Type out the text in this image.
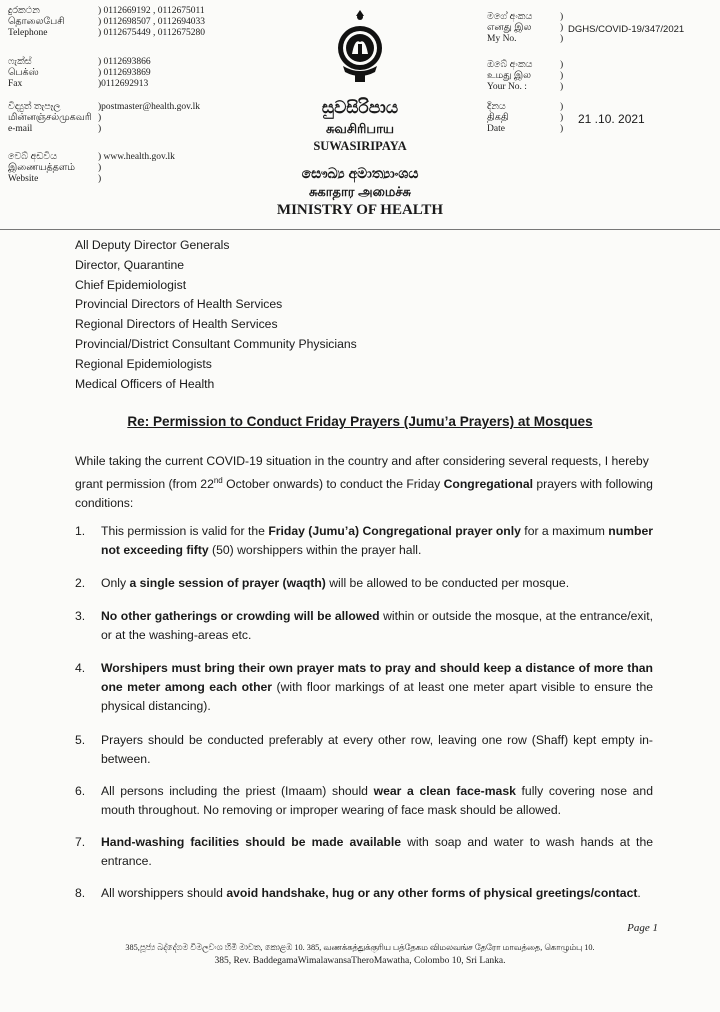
දුරකථන	) 0112669192 , 0112675011
தொலைபேசி	) 0112698507 , 0112694033
Telephone	) 0112675449 , 0112675280
ෆැක්ස්	) 0112693866
பெக்ஸ்	) 0112693869
Fax	)0112692913
විද්‍යුත් තැපෑල	)postmaster@health.gov.lk
மின்னஞ்சல்முகவரி )
e-mail	)
වෙබ් අඩවිය	) www.health.gov.lk
இணையத்தளம்	)
Website	)
මගේ අංකය	)
எனது இல	)
My No.	)
DGHS/COVID-19/347/2021
ඔබේ අංකය	)
உமது இல	)
Your No. :	)
දිනය	)
திகதி	)
Date	)
21 .10. 2021
සුවසිරිපාය
சுவசிரிபாய
SUWASIRIPAYA
සෞඛ්‍ය අමාත්‍යාංශය
சுகாதார அமைச்சு
MINISTRY OF HEALTH
All Deputy Director Generals
Director, Quarantine
Chief Epidemiologist
Provincial Directors of Health Services
Regional Directors of Health Services
Provincial/District Consultant Community Physicians
Regional Epidemiologists
Medical Officers of Health
Re: Permission to Conduct Friday Prayers (Jumu’a Prayers) at Mosques
While taking the current COVID-19 situation in the country and after considering several requests, I hereby grant permission (from 22nd October onwards) to conduct the Friday Congregational prayers with following conditions:
1.	This permission is valid for the Friday (Jumu’a) Congregational prayer only for a maximum number not exceeding fifty (50) worshippers within the prayer hall.
2.	Only a single session of prayer (waqth) will be allowed to be conducted per mosque.
3.	No other gatherings or crowding will be allowed within or outside the mosque, at the entrance/exit, or at the washing-areas etc.
4.	Worshipers must bring their own prayer mats to pray and should keep a distance of more than one meter among each other (with floor markings of at least one meter apart visible to ensure the physical distancing).
5.	Prayers should be conducted preferably at every other row, leaving one row (Shaff) kept empty in-between.
6.	All persons including the priest (Imaam) should wear a clean face-mask fully covering nose and mouth throughout. No removing or improper wearing of face mask should be allowed.
7.	Hand-washing facilities should be made available with soap and water to wash hands at the entrance.
8.	All worshippers should avoid handshake, hug or any other forms of physical greetings/contact.
Page 1
385,පූජ්‍ය බද්දේගම විමලවංශ හිමි මාවත, කොළඹ 10. 385, வணக்கத்துக்குரிய பத்தேகம விமலவங்ச தேரோ மாவத்தை, கொழும்பு 10.
385, Rev. BaddegamaWimalawansaTheroMawatha, Colombo 10, Sri Lanka.
